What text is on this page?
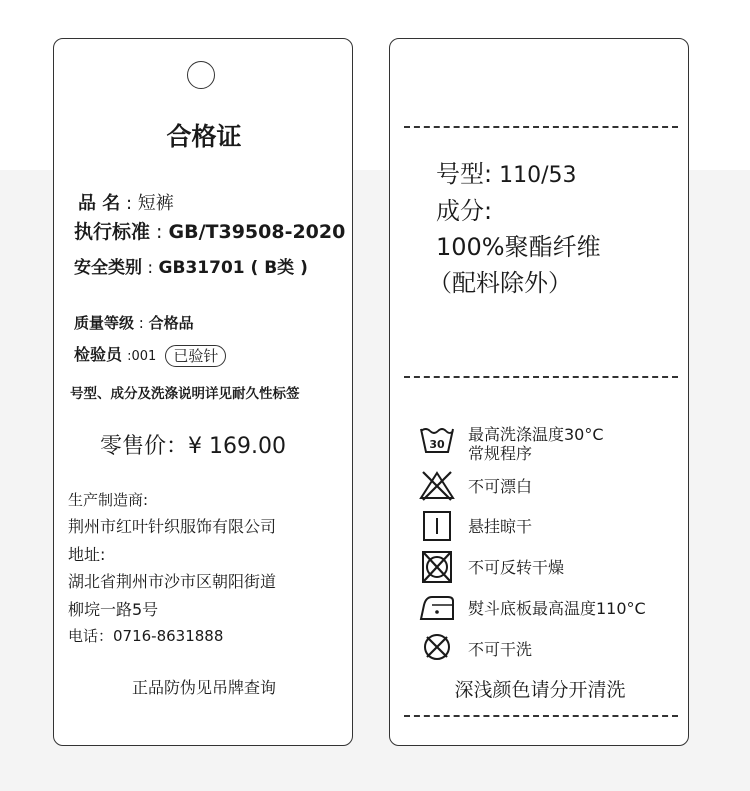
合格证
品 名 : 短裤
执行标准 : GB/T39508-2020
安全类别 : GB31701 ( B类 )
质量等级 : 合格品
检验员 :001 已验针
号型、成分及洗涤说明详见耐久性标签
零售价：¥ 169.00
生产制造商:
荆州市红叶针织服饰有限公司
地址:
湖北省荆州市沙市区朝阳街道
柳垸一路5号
电话：0716-8631888
正品防伪见吊牌查询
号型: 110/53
成分:
100%聚酯纤维
（配料除外）
30
最高洗涤温度30°C
常规程序
不可漂白
悬挂晾干
不可反转干燥
熨斗底板最高温度110°C
不可干洗
深浅颜色请分开清洗
